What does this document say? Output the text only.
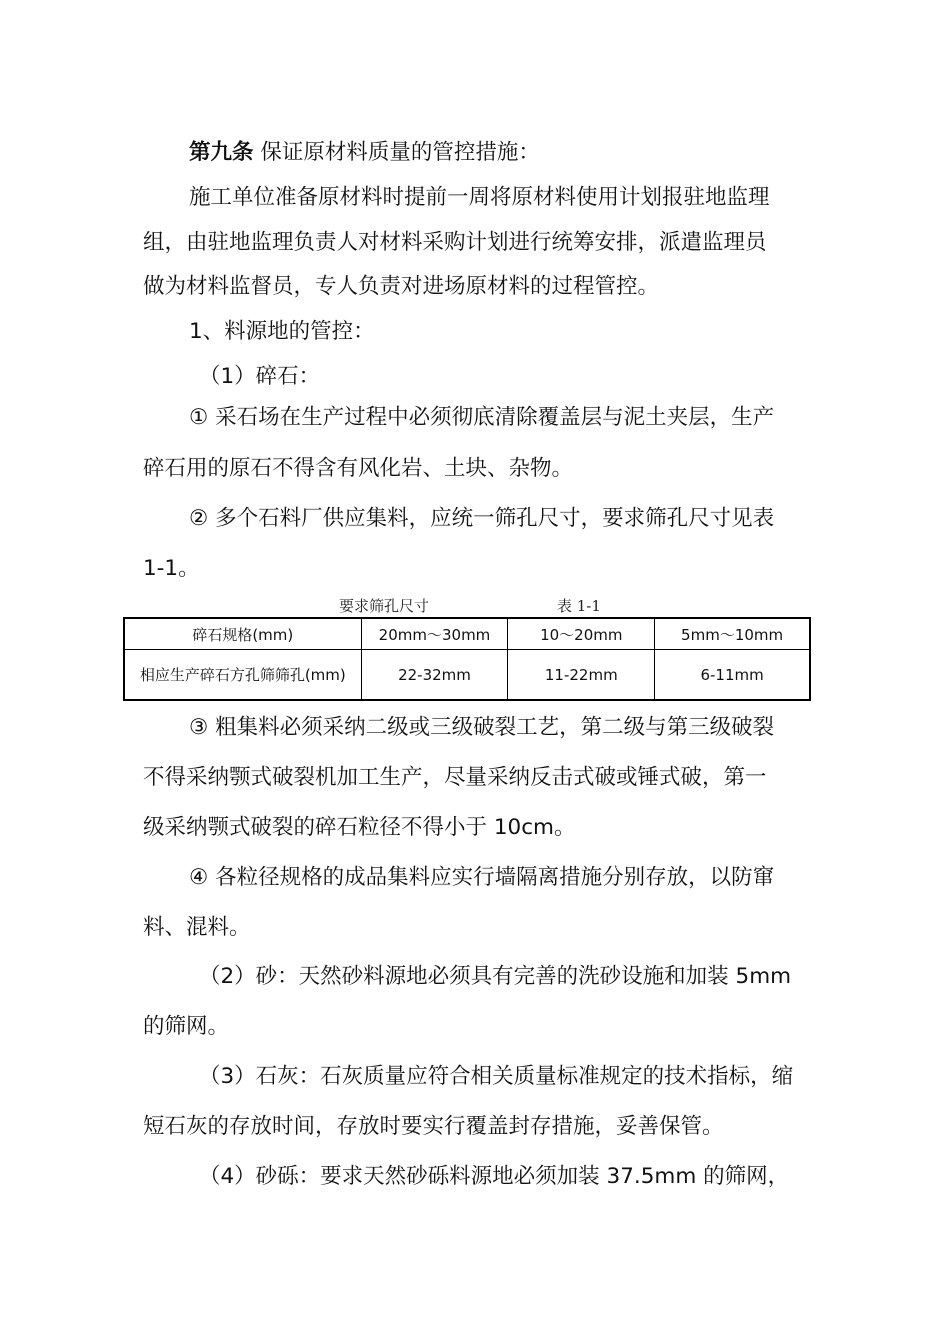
第九条 保证原材料质量的管控措施：
施工单位准备原材料时提前一周将原材料使用计划报驻地监理
组，由驻地监理负责人对材料采购计划进行统筹安排，派遣监理员
做为材料监督员，专人负责对进场原材料的过程管控。
1、料源地的管控：
（1）碎石：
① 采石场在生产过程中必须彻底清除覆盖层与泥土夹层，生产
碎石用的原石不得含有风化岩、土块、杂物。
② 多个石料厂供应集料，应统一筛孔尺寸，要求筛孔尺寸见表
1-1。
要求筛孔尺寸	表 1-1
碎石规格(mm)	20mm～30mm	10～20mm	5mm～10mm
相应生产碎石方孔筛筛孔(mm)	22-32mm	11-22mm	6-11mm
③ 粗集料必须采纳二级或三级破裂工艺，第二级与第三级破裂
不得采纳颚式破裂机加工生产，尽量采纳反击式破或锤式破，第一
级采纳颚式破裂的碎石粒径不得小于 10cm。
④ 各粒径规格的成品集料应实行墙隔离措施分别存放，以防窜
料、混料。
（2）砂：天然砂料源地必须具有完善的洗砂设施和加装 5mm
的筛网。
（3）石灰：石灰质量应符合相关质量标准规定的技术指标，缩
短石灰的存放时间，存放时要实行覆盖封存措施，妥善保管。
（4）砂砾：要求天然砂砾料源地必须加装 37.5mm 的筛网，
